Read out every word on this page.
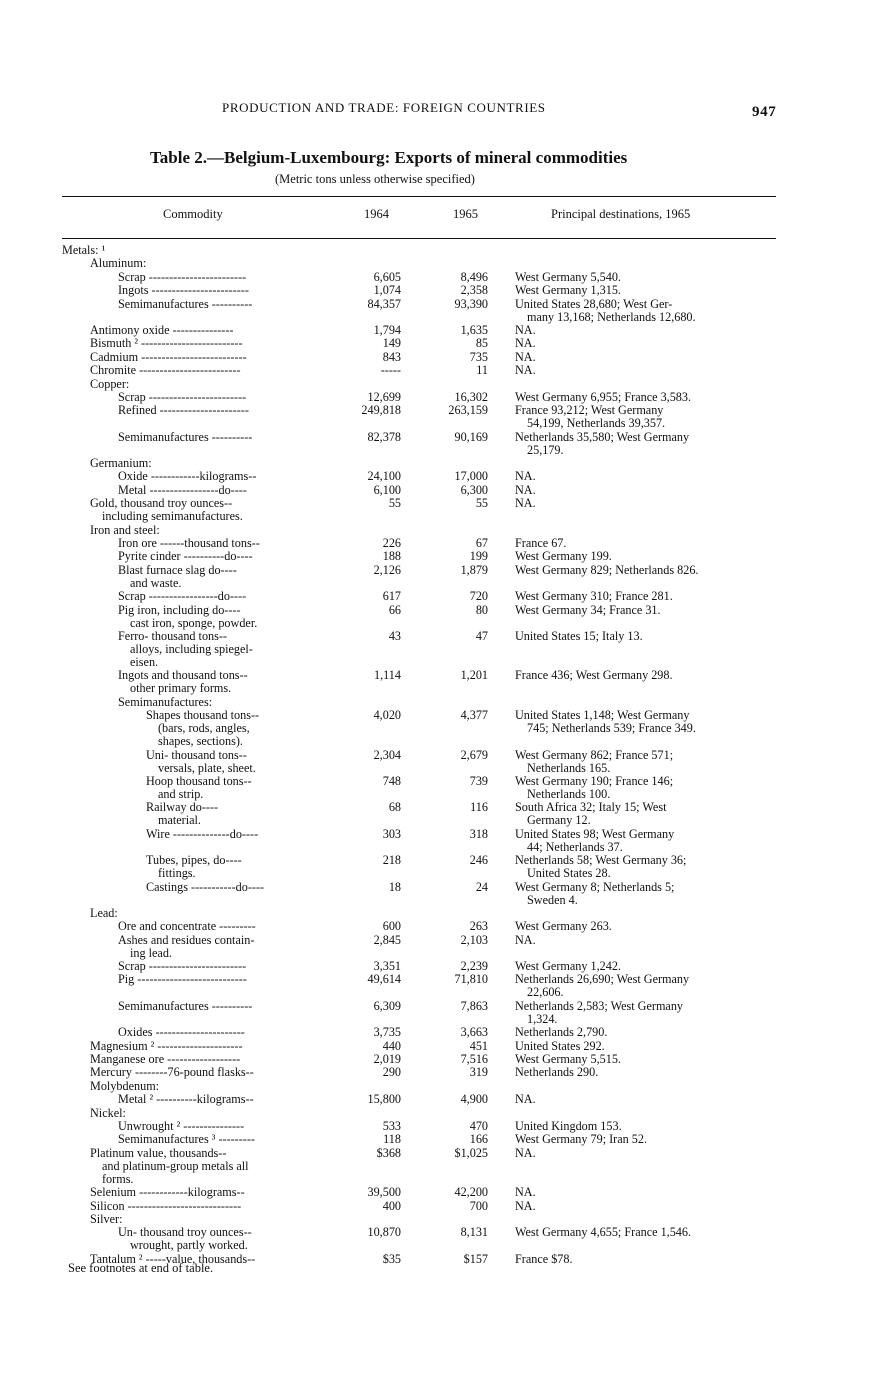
PRODUCTION AND TRADE: FOREIGN COUNTRIES	947
Table 2.—Belgium-Luxembourg: Exports of mineral commodities
(Metric tons unless otherwise specified)
Commodity	1964	1965	Principal destinations, 1965
Metals: ¹
Aluminum:
Scrap ------------------------	6,605	8,496 West Germany 5,540.
Ingots ------------------------	1,074	2,358 West Germany 1,315.
Semimanufactures ----------	84,357	93,390 United States 28,680; West Ger-
many 13,168; Netherlands 12,680.
Antimony oxide ---------------	1,794	1,635 NA.
Bismuth ² -------------------------	149	85 NA.
Cadmium --------------------------	843	735 NA.
Chromite -------------------------	-----	11 NA.
Copper:
Scrap ------------------------	12,699	16,302 West Germany 6,955; France 3,583.
Refined ----------------------	249,818	263,159 France 93,212; West Germany
54,199, Netherlands 39,357.
Semimanufactures ----------	82,378	90,169 Netherlands 35,580; West Germany
25,179.
Germanium:
Oxide ------------kilograms--	24,100	17,000 NA.
Metal -----------------do----	6,100	6,300 NA.
Gold, thousand troy ounces--
including semimanufactures.
55	55 NA.
Iron and steel:
Iron ore ------thousand tons--	226	67 France 67.
Pyrite cinder ----------do----	188	199 West Germany 199.
Blast furnace slag do----
and waste.
2,126	1,879 West Germany 829; Netherlands 826.
Scrap -----------------do----	617	720 West Germany 310; France 281.
Pig iron, including do----
cast iron, sponge, powder.
66	80 West Germany 34; France 31.
Ferro- thousand tons--
alloys, including spiegel-
eisen.
43	47 United States 15; Italy 13.
Ingots and thousand tons--
other primary forms.
1,114	1,201 France 436; West Germany 298.
Semimanufactures:
Shapes thousand tons--
(bars, rods, angles,
shapes, sections).
4,020	4,377 United States 1,148; West Germany
745; Netherlands 539; France 349.
Uni- thousand tons--
versals, plate, sheet.
2,304	2,679 West Germany 862; France 571;
Netherlands 165.
Hoop thousand tons--
and strip.
748	739 West Germany 190; France 146;
Netherlands 100.
Railway do----
material.
68	116 South Africa 32; Italy 15; West
Germany 12.
Wire --------------do----	303	318 United States 98; West Germany
44; Netherlands 37.
Tubes, pipes, do----
fittings.
218	246 Netherlands 58; West Germany 36;
United States 28.
Castings -----------do----	18	24 West Germany 8; Netherlands 5;
Sweden 4.
Lead:
Ore and concentrate ---------	600	263 West Germany 263.
Ashes and residues contain-
ing lead.
2,845	2,103 NA.
Scrap ------------------------	3,351	2,239 West Germany 1,242.
Pig ---------------------------	49,614	71,810 Netherlands 26,690; West Germany
22,606.
Semimanufactures ----------	6,309	7,863 Netherlands 2,583; West Germany
1,324.
Oxides ----------------------	3,735	3,663 Netherlands 2,790.
Magnesium ² ---------------------	440	451 United States 292.
Manganese ore ------------------	2,019	7,516 West Germany 5,515.
Mercury --------76-pound flasks--	290	319 Netherlands 290.
Molybdenum:
Metal ² ----------kilograms--	15,800	4,900 NA.
Nickel:
Unwrought ² ---------------	533	470 United Kingdom 153.
Semimanufactures ³ ---------	118	166 West Germany 79; Iran 52.
Platinum value, thousands--
and platinum-group metals all
forms.
$368	$1,025 NA.
Selenium ------------kilograms--	39,500	42,200 NA.
Silicon ----------------------------	400	700 NA.
Silver:
Un- thousand troy ounces--
wrought, partly worked.
10,870	8,131 West Germany 4,655; France 1,546.
Tantalum ² -----value, thousands--	$35	$157 France $78.
See footnotes at end of table.
